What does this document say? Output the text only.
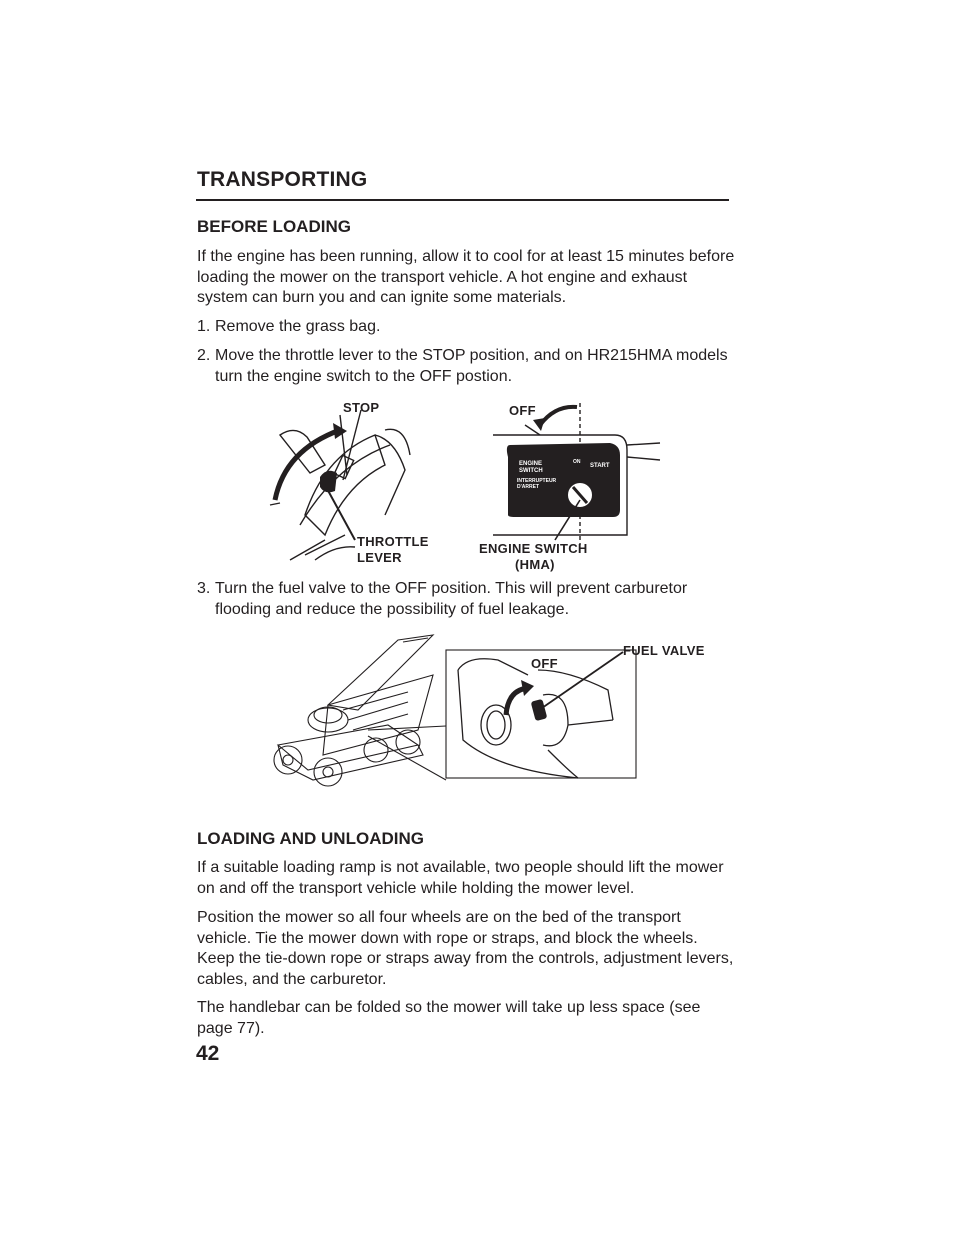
TRANSPORTING
BEFORE LOADING
If the engine has been running, allow it to cool for at least 15 minutes before loading the mower on the transport vehicle. A hot engine and exhaust system can burn you and can ignite some materials.
1. Remove the grass bag.
2. Move the throttle lever to the STOP position, and on HR215HMA models turn the engine switch to the OFF postion.
ENGINE
SWITCH
INTERRUPTEUR
D'ARRET
START
ON
STOP
THROTTLE
LEVER
OFF
ENGINE SWITCH
(HMA)
3. Turn the fuel valve to the OFF position. This will prevent carburetor flooding and reduce the possibility of fuel leakage.
OFF
FUEL VALVE
LOADING AND UNLOADING
If a suitable loading ramp is not available, two people should lift the mower on and off the transport vehicle while holding the mower level.
Position the mower so all four wheels are on the bed of the transport vehicle. Tie the mower down with rope or straps, and block the wheels. Keep the tie-down rope or straps away from the controls, adjustment levers, cables, and the carburetor.
The handlebar can be folded so the mower will take up less space (see page 77).
42
